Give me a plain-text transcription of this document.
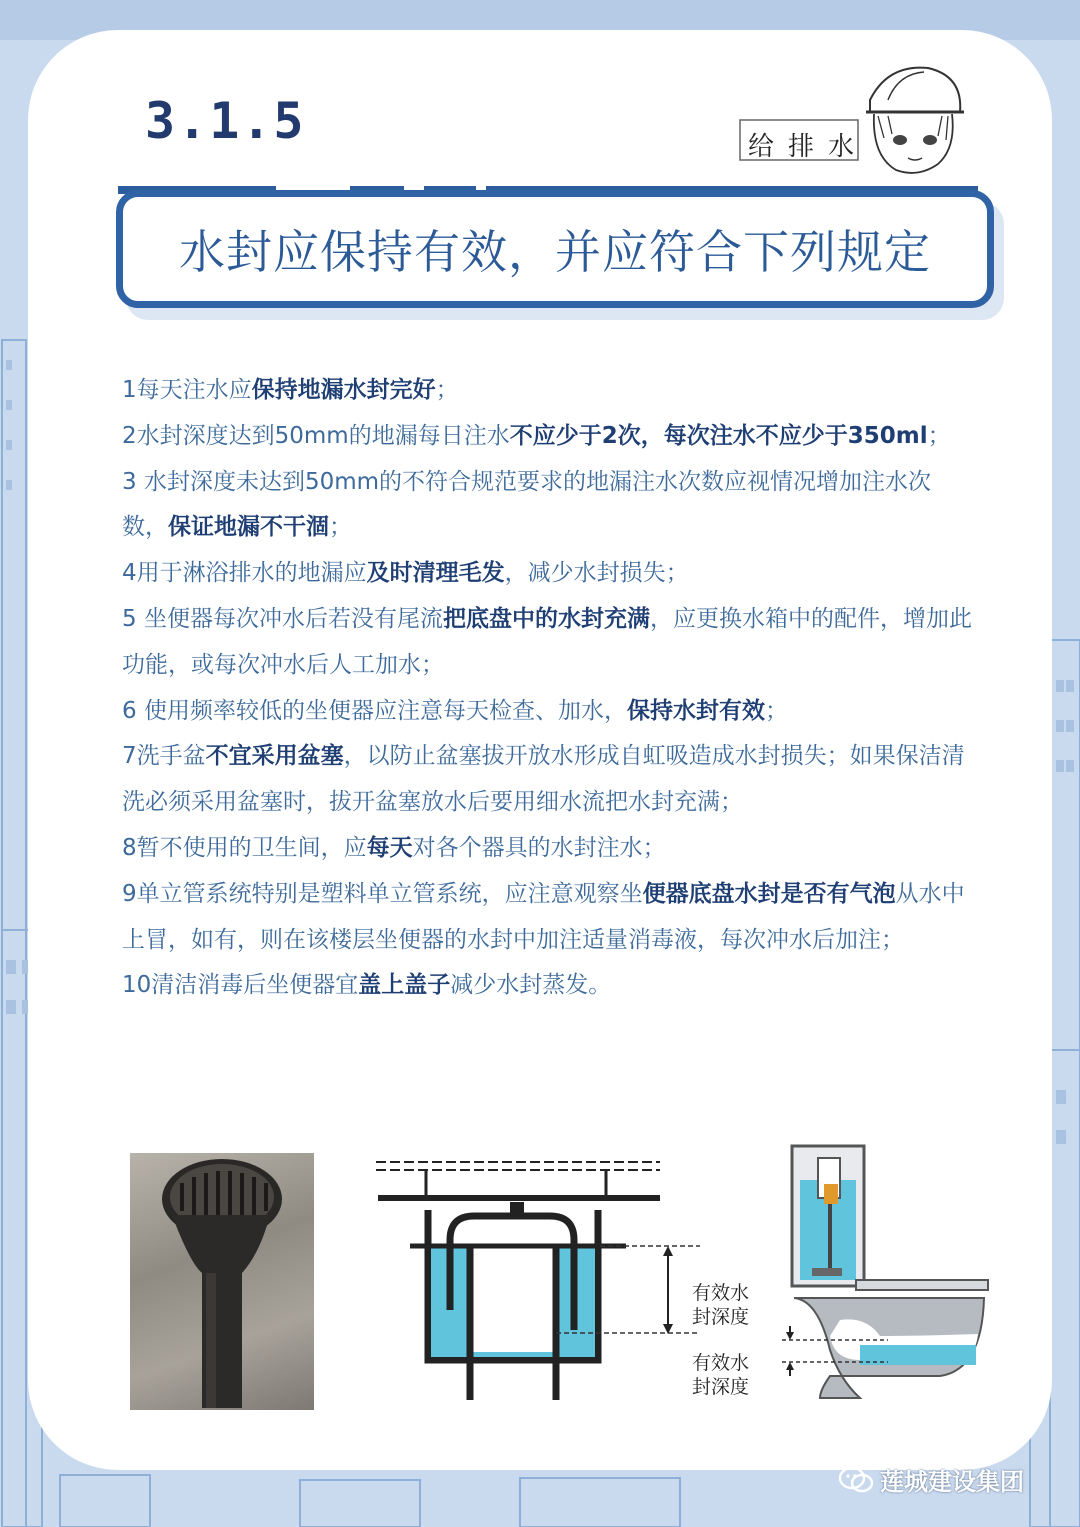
3.1.5	给排水
水封应保持有效，并应符合下列规定
1每天注水应保持地漏水封完好；
2水封深度达到50mm的地漏每日注水不应少于2次，每次注水不应少于350ml；
3 水封深度未达到50mm的不符合规范要求的地漏注水次数应视情况增加注水次数，保证地漏不干涸；
4用于淋浴排水的地漏应及时清理毛发，减少水封损失；
5 坐便器每次冲水后若没有尾流把底盘中的水封充满，应更换水箱中的配件，增加此功能，或每次冲水后人工加水；
6 使用频率较低的坐便器应注意每天检查、加水，保持水封有效；
7洗手盆不宜采用盆塞，以防止盆塞拔开放水形成自虹吸造成水封损失；如果保洁清洗必须采用盆塞时，拔开盆塞放水后要用细水流把水封充满；
8暂不使用的卫生间，应每天对各个器具的水封注水；
9单立管系统特别是塑料单立管系统，应注意观察坐便器底盘水封是否有气泡从水中上冒，如有，则在该楼层坐便器的水封中加注适量消毒液，每次冲水后加注；
10清洁消毒后坐便器宜盖上盖子减少水封蒸发。
有效水
封深度
有效水
封深度
莲城建设集团
